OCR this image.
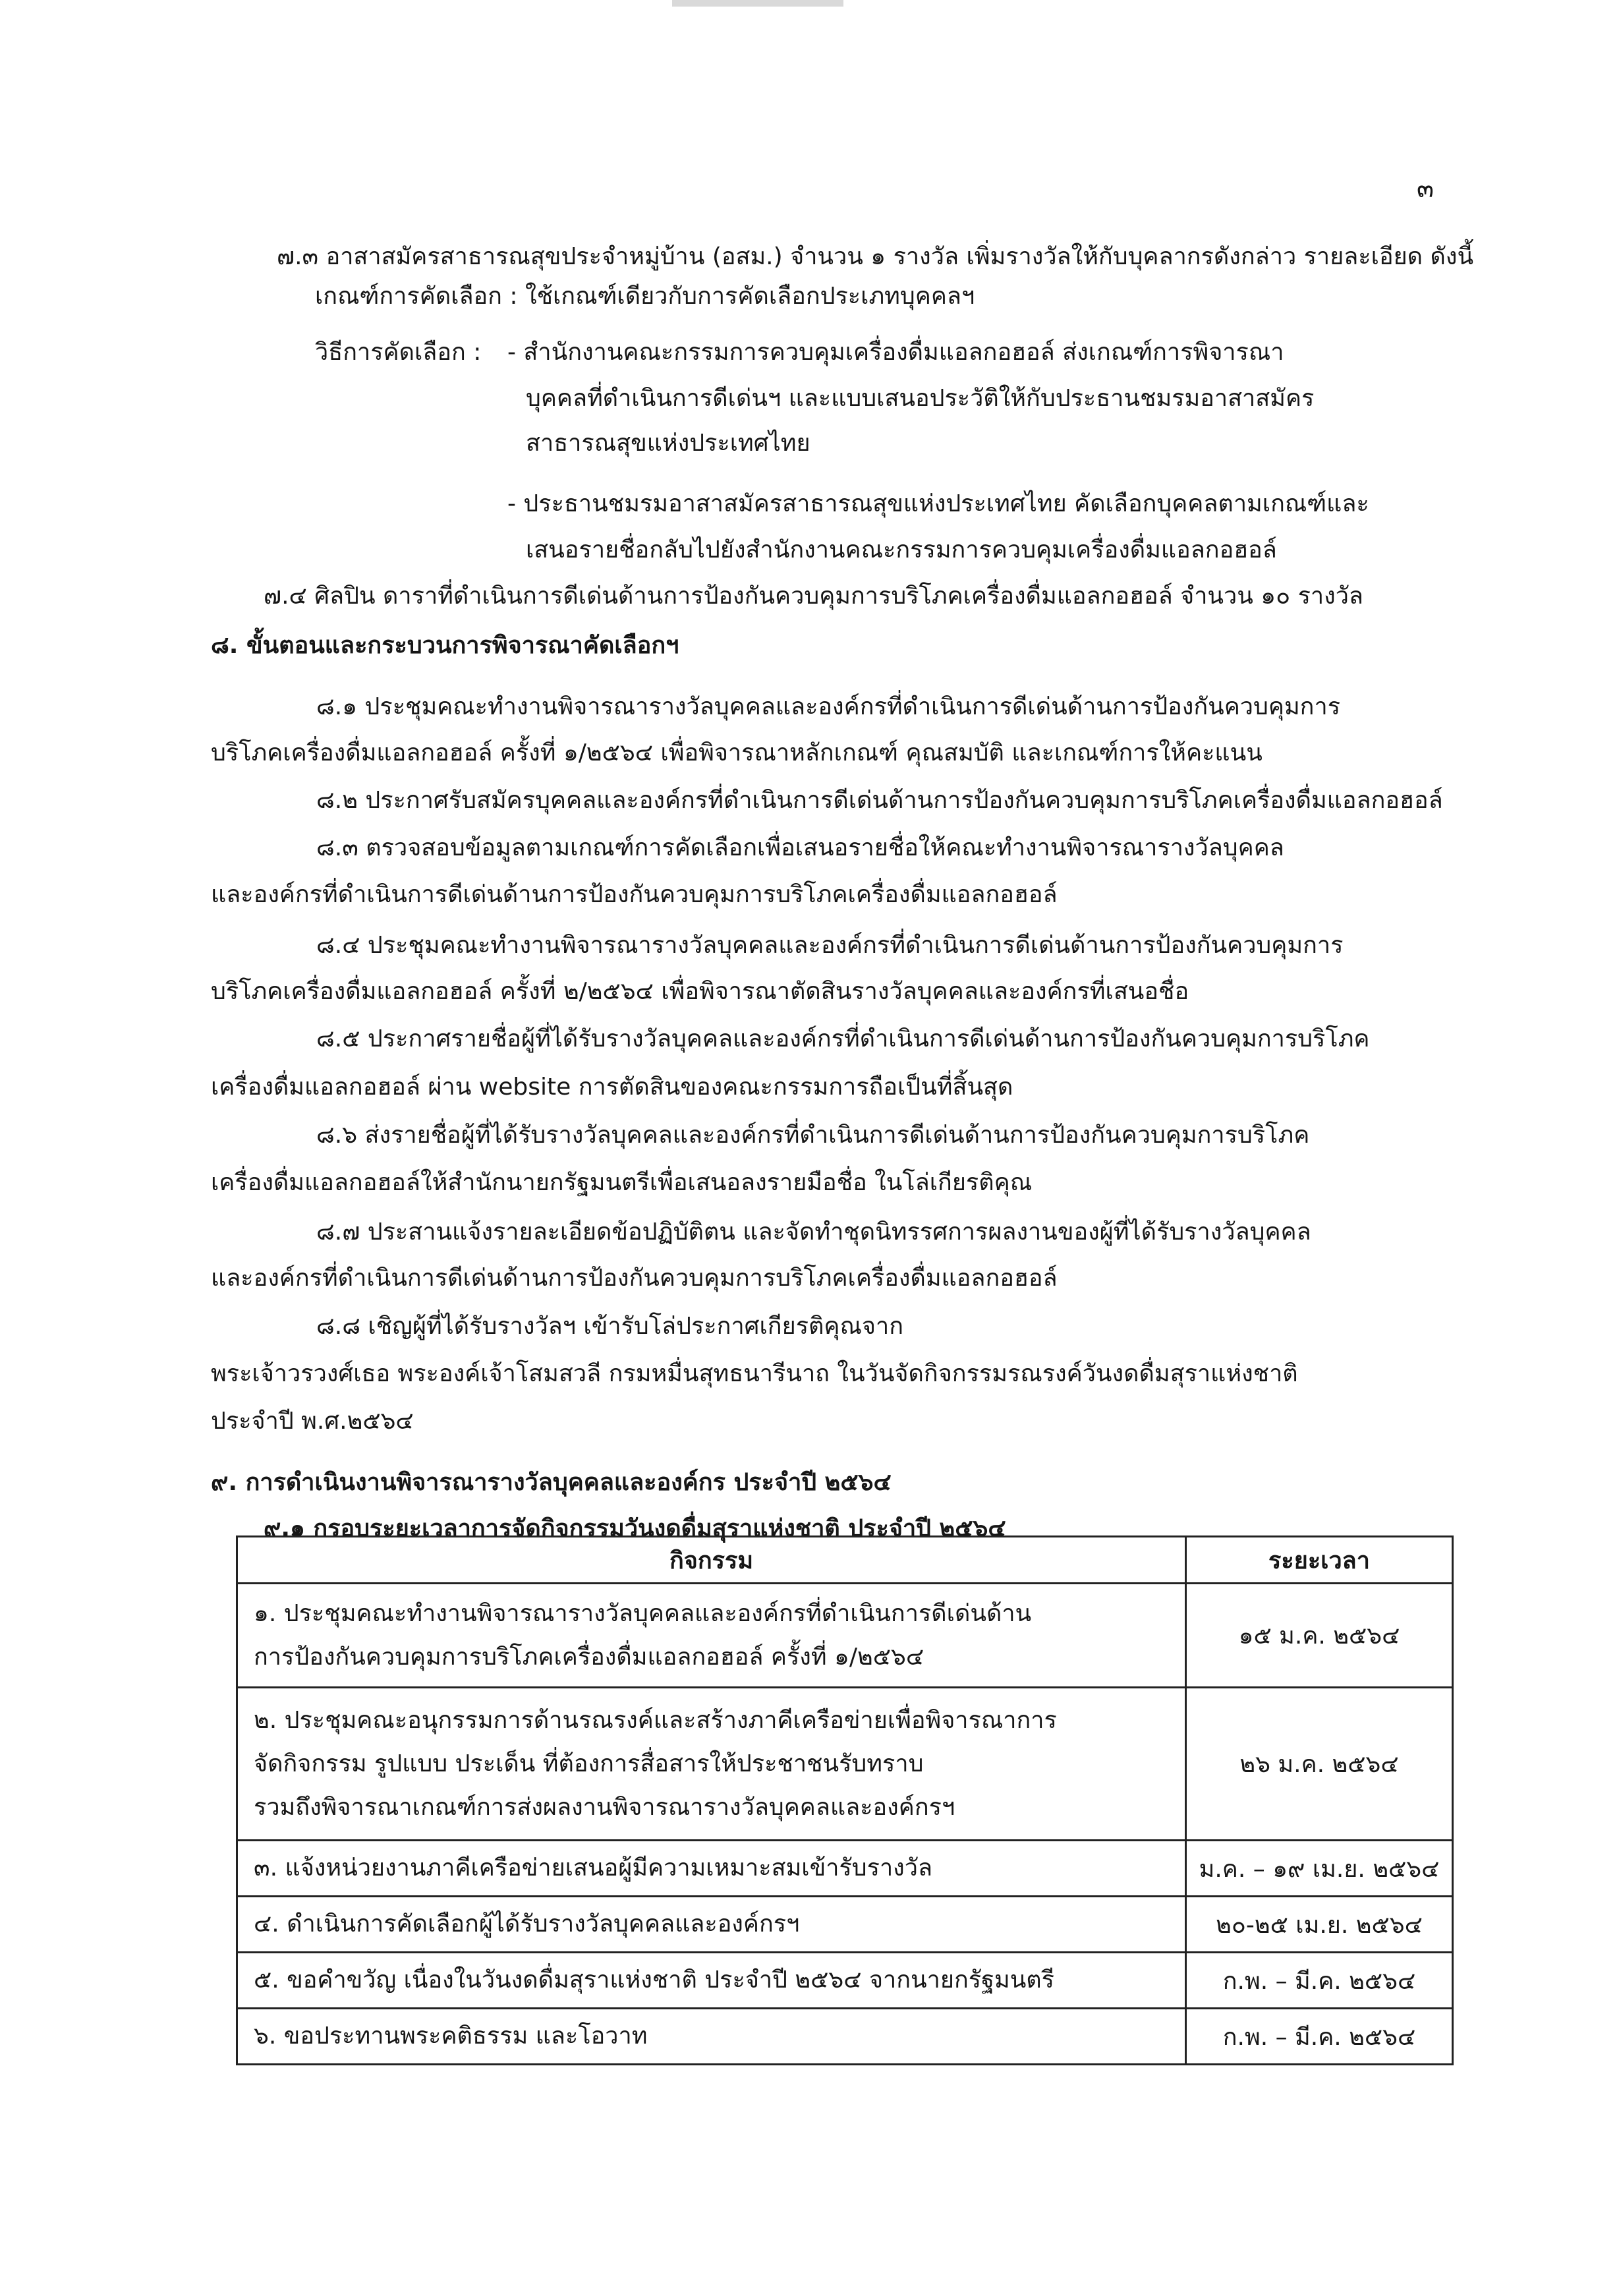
๓
๗.๓ อาสาสมัครสาธารณสุขประจำหมู่บ้าน (อสม.) จำนวน ๑ รางวัล เพิ่มรางวัลให้กับบุคลากรดังกล่าว รายละเอียด ดังนี้
เกณฑ์การคัดเลือก : ใช้เกณฑ์เดียวกับการคัดเลือกประเภทบุคคลฯ
วิธีการคัดเลือก : - สำนักงานคณะกรรมการควบคุมเครื่องดื่มแอลกอฮอล์ ส่งเกณฑ์การพิจารณา
บุคคลที่ดำเนินการดีเด่นฯ และแบบเสนอประวัติให้กับประธานชมรมอาสาสมัคร
สาธารณสุขแห่งประเทศไทย
- ประธานชมรมอาสาสมัครสาธารณสุขแห่งประเทศไทย คัดเลือกบุคคลตามเกณฑ์และ
เสนอรายชื่อกลับไปยังสำนักงานคณะกรรมการควบคุมเครื่องดื่มแอลกอฮอล์
๗.๔ ศิลปิน ดาราที่ดำเนินการดีเด่นด้านการป้องกันควบคุมการบริโภคเครื่องดื่มแอลกอฮอล์ จำนวน ๑๐ รางวัล
๘. ขั้นตอนและกระบวนการพิจารณาคัดเลือกฯ
๘.๑ ประชุมคณะทำงานพิจารณารางวัลบุคคลและองค์กรที่ดำเนินการดีเด่นด้านการป้องกันควบคุมการ
บริโภคเครื่องดื่มแอลกอฮอล์ ครั้งที่ ๑/๒๕๖๔ เพื่อพิจารณาหลักเกณฑ์ คุณสมบัติ และเกณฑ์การให้คะแนน
๘.๒ ประกาศรับสมัครบุคคลและองค์กรที่ดำเนินการดีเด่นด้านการป้องกันควบคุมการบริโภคเครื่องดื่มแอลกอฮอล์
๘.๓ ตรวจสอบข้อมูลตามเกณฑ์การคัดเลือกเพื่อเสนอรายชื่อให้คณะทำงานพิจารณารางวัลบุคคล
และองค์กรที่ดำเนินการดีเด่นด้านการป้องกันควบคุมการบริโภคเครื่องดื่มแอลกอฮอล์
๘.๔ ประชุมคณะทำงานพิจารณารางวัลบุคคลและองค์กรที่ดำเนินการดีเด่นด้านการป้องกันควบคุมการ
บริโภคเครื่องดื่มแอลกอฮอล์ ครั้งที่ ๒/๒๕๖๔ เพื่อพิจารณาตัดสินรางวัลบุคคลและองค์กรที่เสนอชื่อ
๘.๕ ประกาศรายชื่อผู้ที่ได้รับรางวัลบุคคลและองค์กรที่ดำเนินการดีเด่นด้านการป้องกันควบคุมการบริโภค
เครื่องดื่มแอลกอฮอล์ ผ่าน website การตัดสินของคณะกรรมการถือเป็นที่สิ้นสุด
๘.๖ ส่งรายชื่อผู้ที่ได้รับรางวัลบุคคลและองค์กรที่ดำเนินการดีเด่นด้านการป้องกันควบคุมการบริโภค
เครื่องดื่มแอลกอฮอล์ให้สำนักนายกรัฐมนตรีเพื่อเสนอลงรายมือชื่อ ในโล่เกียรติคุณ
๘.๗ ประสานแจ้งรายละเอียดข้อปฏิบัติตน และจัดทำชุดนิทรรศการผลงานของผู้ที่ได้รับรางวัลบุคคล
และองค์กรที่ดำเนินการดีเด่นด้านการป้องกันควบคุมการบริโภคเครื่องดื่มแอลกอฮอล์
๘.๘ เชิญผู้ที่ได้รับรางวัลฯ เข้ารับโล่ประกาศเกียรติคุณจาก
พระเจ้าวรวงศ์เธอ พระองค์เจ้าโสมสวลี กรมหมื่นสุทธนารีนาถ ในวันจัดกิจกรรมรณรงค์วันงดดื่มสุราแห่งชาติ
ประจำปี พ.ศ.๒๕๖๔
๙. การดำเนินงานพิจารณารางวัลบุคคลและองค์กร ประจำปี ๒๕๖๔
๙.๑ กรอบระยะเวลาการจัดกิจกรรมวันงดดื่มสุราแห่งชาติ ประจำปี ๒๕๖๔
กิจกรรม	ระยะเวลา

๑. ประชุมคณะทำงานพิจารณารางวัลบุคคลและองค์กรที่ดำเนินการดีเด่นด้าน
การป้องกันควบคุมการบริโภคเครื่องดื่มแอลกอฮอล์ ครั้งที่ ๑/๒๕๖๔	๑๕ ม.ค. ๒๕๖๔

๒. ประชุมคณะอนุกรรมการด้านรณรงค์และสร้างภาคีเครือข่ายเพื่อพิจารณาการ
จัดกิจกรรม รูปแบบ ประเด็น ที่ต้องการสื่อสารให้ประชาชนรับทราบ
รวมถึงพิจารณาเกณฑ์การส่งผลงานพิจารณารางวัลบุคคลและองค์กรฯ	๒๖ ม.ค. ๒๕๖๔

๓. แจ้งหน่วยงานภาคีเครือข่ายเสนอผู้มีความเหมาะสมเข้ารับรางวัล	ม.ค. – ๑๙ เม.ย. ๒๕๖๔

๔. ดำเนินการคัดเลือกผู้ได้รับรางวัลบุคคลและองค์กรฯ	๒๐-๒๕ เม.ย. ๒๕๖๔

๕. ขอคำขวัญ เนื่องในวันงดดื่มสุราแห่งชาติ ประจำปี ๒๕๖๔ จากนายกรัฐมนตรี	ก.พ. – มี.ค. ๒๕๖๔

๖. ขอประทานพระคติธรรม และโอวาท	ก.พ. – มี.ค. ๒๕๖๔
